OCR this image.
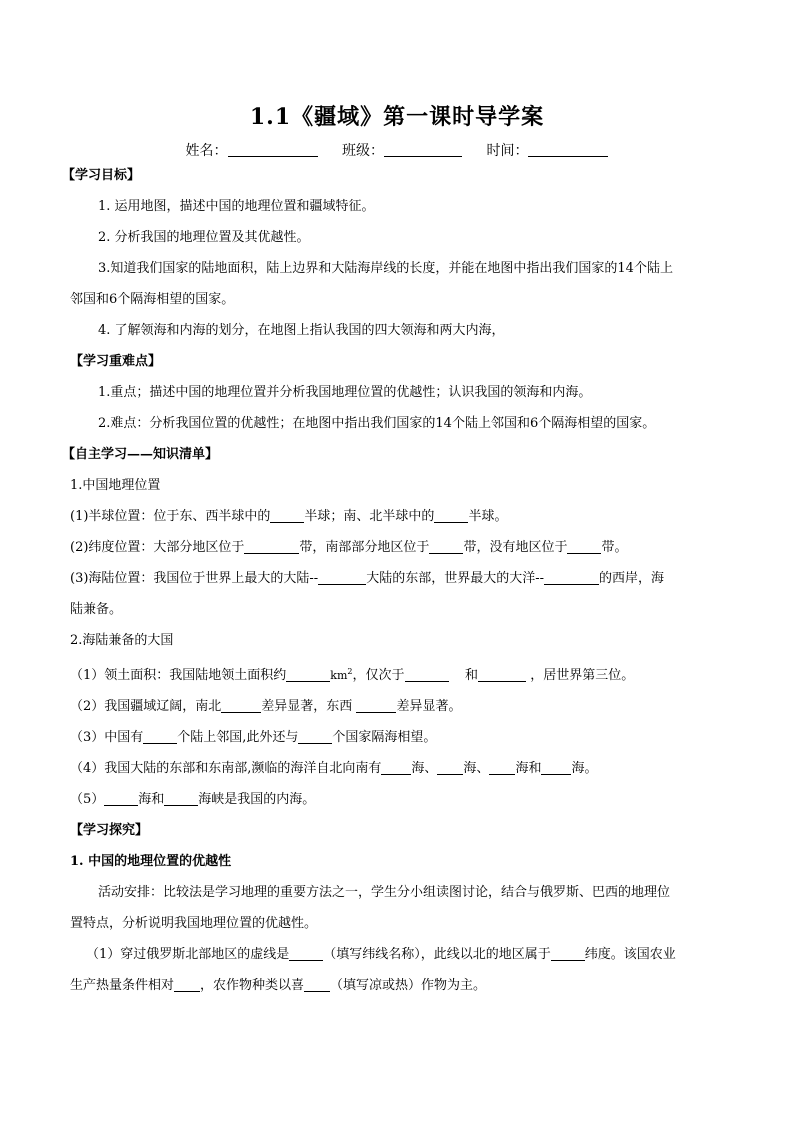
1.1《疆域》第一课时导学案
姓名：	班级：	时间：
【学习目标】
1. 运用地图，描述中国的地理位置和疆域特征。
2. 分析我国的地理位置及其优越性。
3.知道我们国家的陆地面积，陆上边界和大陆海岸线的长度，并能在地图中指出我们国家的14个陆上
邻国和6个隔海相望的国家。
4. 了解领海和内海的划分，在地图上指认我国的四大领海和两大内海，
【学习重难点】
1.重点；描述中国的地理位置并分析我国地理位置的优越性；认识我国的领海和内海。
2.难点：分析我国位置的优越性；在地图中指出我们国家的14个陆上邻国和6个隔海相望的国家。
【自主学习——知识清单】
1.中国地理位置
(1)半球位置：位于东、西半球中的	半球；南、北半球中的	半球。
(2)纬度位置：大部分地区位于	带，南部部分地区位于	带，没有地区位于	带。
(3)海陆位置：我国位于世界上最大的大陆--	大陆的东部，世界最大的大洋--	的西岸，海
陆兼备。
2.海陆兼备的大国
（1）领土面积：我国陆地领土面积约	$km^2$，仅次于	和	，居世界第三位。
（2）我国疆域辽阔，南北	差异显著，东西	差异显著。
（3）中国有	个陆上邻国,此外还与	个国家隔海相望。
（4）我国大陆的东部和东南部,濒临的海洋自北向南有 海、 海、 海和 海。
（5）	海和	海峡是我国的内海。
【学习探究】
1. 中国的地理位置的优越性
活动安排：比较法是学习地理的重要方法之一，学生分小组读图讨论，结合与俄罗斯、巴西的地理位
置特点，分析说明我国地理位置的优越性。
（1）穿过俄罗斯北部地区的虚线是	（填写纬线名称），此线以北的地区属于	纬度。该国农业
生产热量条件相对 ，农作物种类以喜 （填写凉或热）作物为主。
